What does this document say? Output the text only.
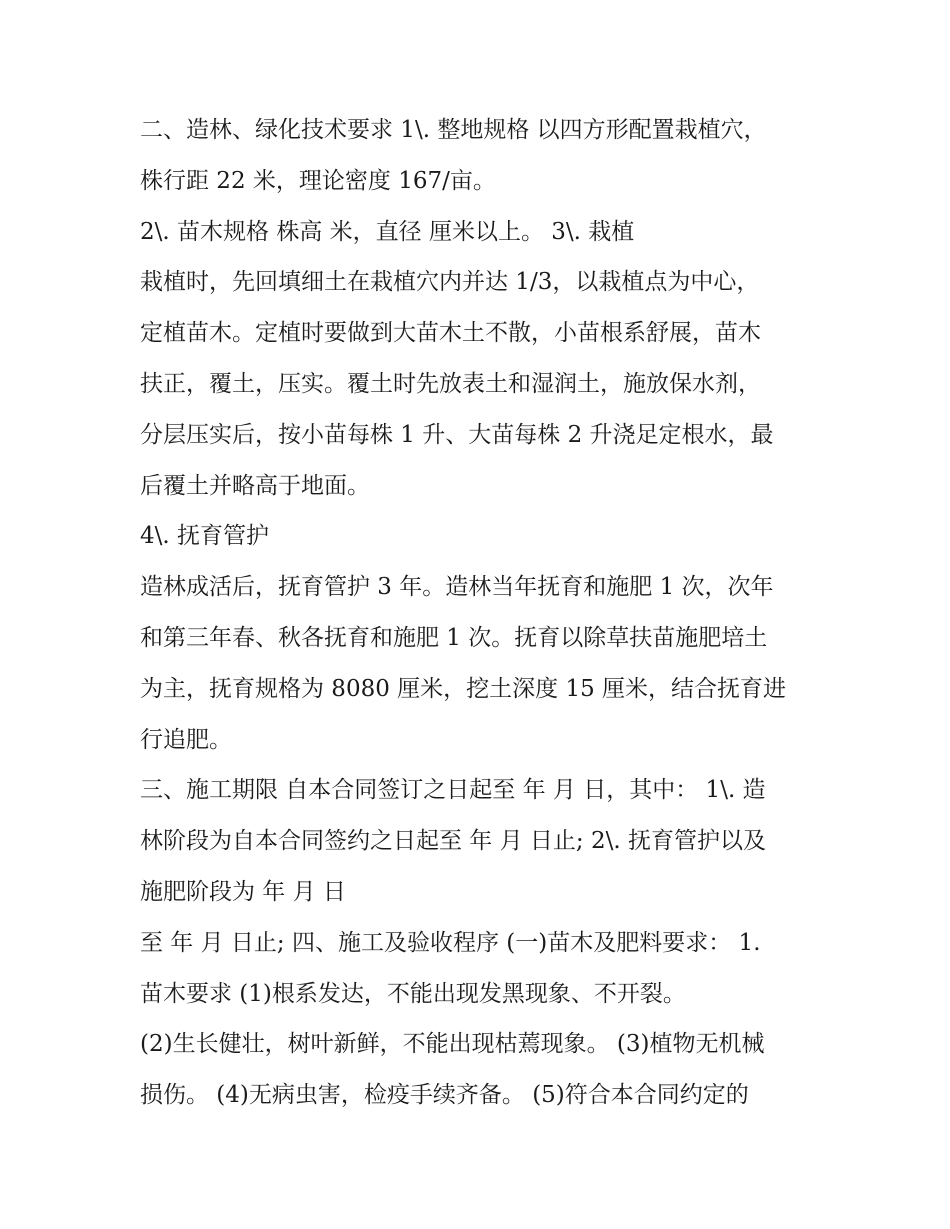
二、造林、绿化技术要求 1\. 整地规格 以四方形配置栽植穴，
株行距 22 米，理论密度 167/亩。
2\. 苗木规格 株高 米，直径 厘米以上。 3\. 栽植
栽植时，先回填细土在栽植穴内并达 1/3，以栽植点为中心，
定植苗木。定植时要做到大苗木土不散，小苗根系舒展，苗木
扶正，覆土，压实。覆土时先放表土和湿润土，施放保水剂，
分层压实后，按小苗每株 1 升、大苗每株 2 升浇足定根水，最
后覆土并略高于地面。
4\. 抚育管护
造林成活后，抚育管护 3 年。造林当年抚育和施肥 1 次，次年
和第三年春、秋各抚育和施肥 1 次。抚育以除草扶苗施肥培土
为主，抚育规格为 8080 厘米，挖土深度 15 厘米，结合抚育进
行追肥。
三、施工期限 自本合同签订之日起至 年 月 日，其中： 1\. 造
林阶段为自本合同签约之日起至 年 月 日止; 2\. 抚育管护以及
施肥阶段为 年 月 日
至 年 月 日止; 四、施工及验收程序 (一)苗木及肥料要求： 1.
苗木要求 (1)根系发达，不能出现发黑现象、不开裂。
(2)生长健壮，树叶新鲜，不能出现枯蔫现象。 (3)植物无机械
损伤。 (4)无病虫害，检疫手续齐备。 (5)符合本合同约定的
